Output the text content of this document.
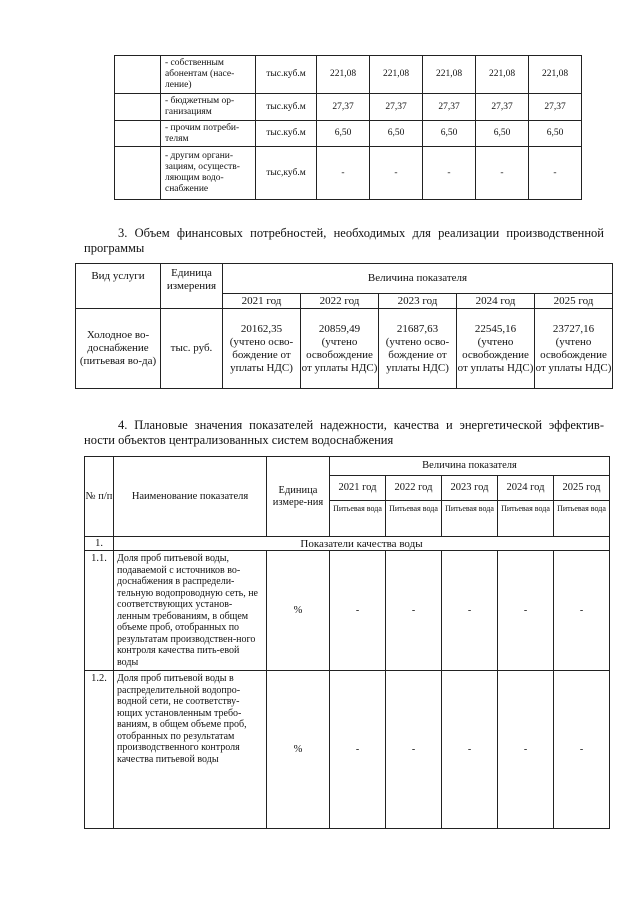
	- собственным абонентам (насе-ление)	тыс.куб.м	221,08	221,08	221,08	221,08	221,08
	- бюджетным ор-ганизациям	тыс.куб.м	27,37	27,37	27,37	27,37	27,37
	- прочим потреби-телям	тыс.куб.м	6,50	6,50	6,50	6,50	6,50
	- другим органи-зациям, осуществ-ляющим водо-снабжение	тыс,куб.м	-	-	-	-	-

3. Объем финансовых потребностей, необходимых для реализации производственной программы

Вид услуги	Единица измерения	Величина показателя				
		2021 год	2022 год	2023 год	2024 год	2025 год
Холодное во-доснабжение (питьевая во-да)	тыс. руб.	20162,35 (учтено осво-бождение от уплаты НДС)	20859,49 (учтено освобождение от уплаты НДС)	21687,63 (учтено осво-бождение от уплаты НДС)	22545,16 (учтено освобождение от уплаты НДС)	23727,16 (учтено освобождение от уплаты НДС)

4. Плановые значения показателей надежности, качества и энергетической эффектив-ности объектов централизованных систем водоснабжения

№ п/п	Наименование показателя	Единица измере-ния	Величина показателя				
			2021 год	2022 год	2023 год	2024 год	2025 год
			Питьевая вода	Питьевая вода	Питьевая вода	Питьевая вода	Питьевая вода
1.	Показатели качества воды						
1.1.	Доля проб питьевой воды, подаваемой с источников во-доснабжения в распредели-тельную водопроводную сеть, не соответствующих установ-ленным требованиям, в общем объеме проб, отобранных по результатам производствен-ного контроля качества пить-евой воды	%	-	-	-	-	-
1.2.	Доля проб питьевой воды в распределительной водопро-водной сети, не соответству-ющих установленным требо-ваниям, в общем объеме проб, отобранных по результатам производственного контроля качества питьевой воды	%	-	-	-	-	-
